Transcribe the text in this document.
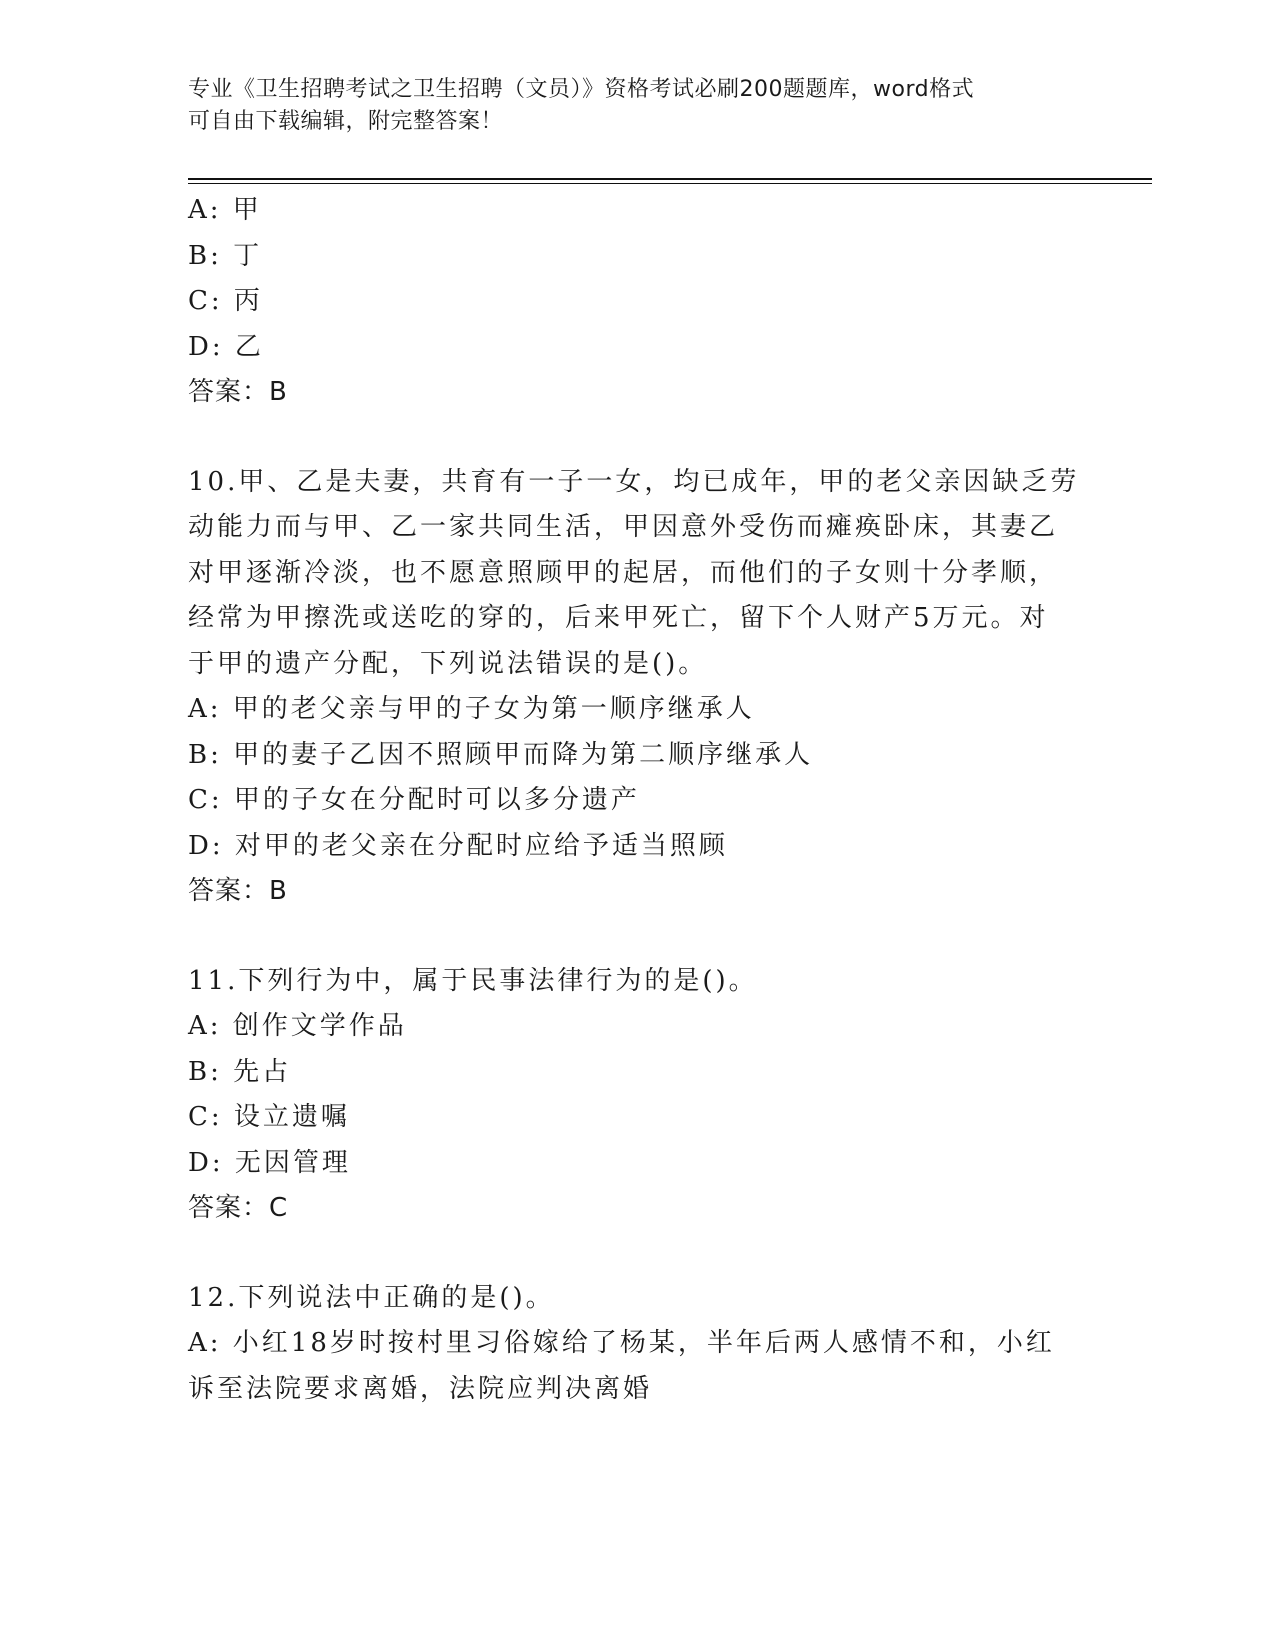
专业《卫生招聘考试之卫生招聘（文员）》资格考试必刷200题题库，word格式
可自由下载编辑，附完整答案！
A: 甲
B: 丁
C: 丙
D: 乙
答案：B
10.甲、乙是夫妻，共育有一子一女，均已成年，甲的老父亲因缺乏劳
动能力而与甲、乙一家共同生活，甲因意外受伤而瘫痪卧床，其妻乙
对甲逐渐冷淡，也不愿意照顾甲的起居，而他们的子女则十分孝顺，
经常为甲擦洗或送吃的穿的，后来甲死亡，留下个人财产5万元。对
于甲的遗产分配，下列说法错误的是()。
A: 甲的老父亲与甲的子女为第一顺序继承人
B: 甲的妻子乙因不照顾甲而降为第二顺序继承人
C: 甲的子女在分配时可以多分遗产
D: 对甲的老父亲在分配时应给予适当照顾
答案：B
11.下列行为中，属于民事法律行为的是()。
A: 创作文学作品
B: 先占
C: 设立遗嘱
D: 无因管理
答案：C
12.下列说法中正确的是()。
A: 小红18岁时按村里习俗嫁给了杨某，半年后两人感情不和，小红
诉至法院要求离婚，法院应判决离婚
